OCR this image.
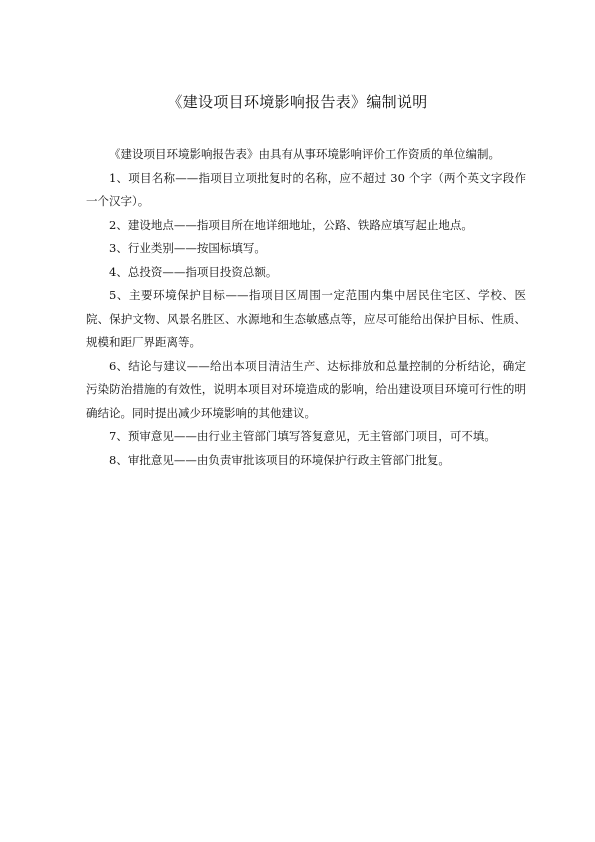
《建设项目环境影响报告表》编制说明

《建设项目环境影响报告表》由具有从事环境影响评价工作资质的单位编制。

1、项目名称——指项目立项批复时的名称，应不超过 30 个字（两个英文字段作一个汉字）。

2、建设地点——指项目所在地详细地址，公路、铁路应填写起止地点。

3、行业类别——按国标填写。

4、总投资——指项目投资总额。

5、主要环境保护目标——指项目区周围一定范围内集中居民住宅区、学校、医院、保护文物、风景名胜区、水源地和生态敏感点等，应尽可能给出保护目标、性质、规模和距厂界距离等。

6、结论与建议——给出本项目清洁生产、达标排放和总量控制的分析结论，确定污染防治措施的有效性，说明本项目对环境造成的影响，给出建设项目环境可行性的明确结论。同时提出减少环境影响的其他建议。

7、预审意见——由行业主管部门填写答复意见，无主管部门项目，可不填。

8、审批意见——由负责审批该项目的环境保护行政主管部门批复。
